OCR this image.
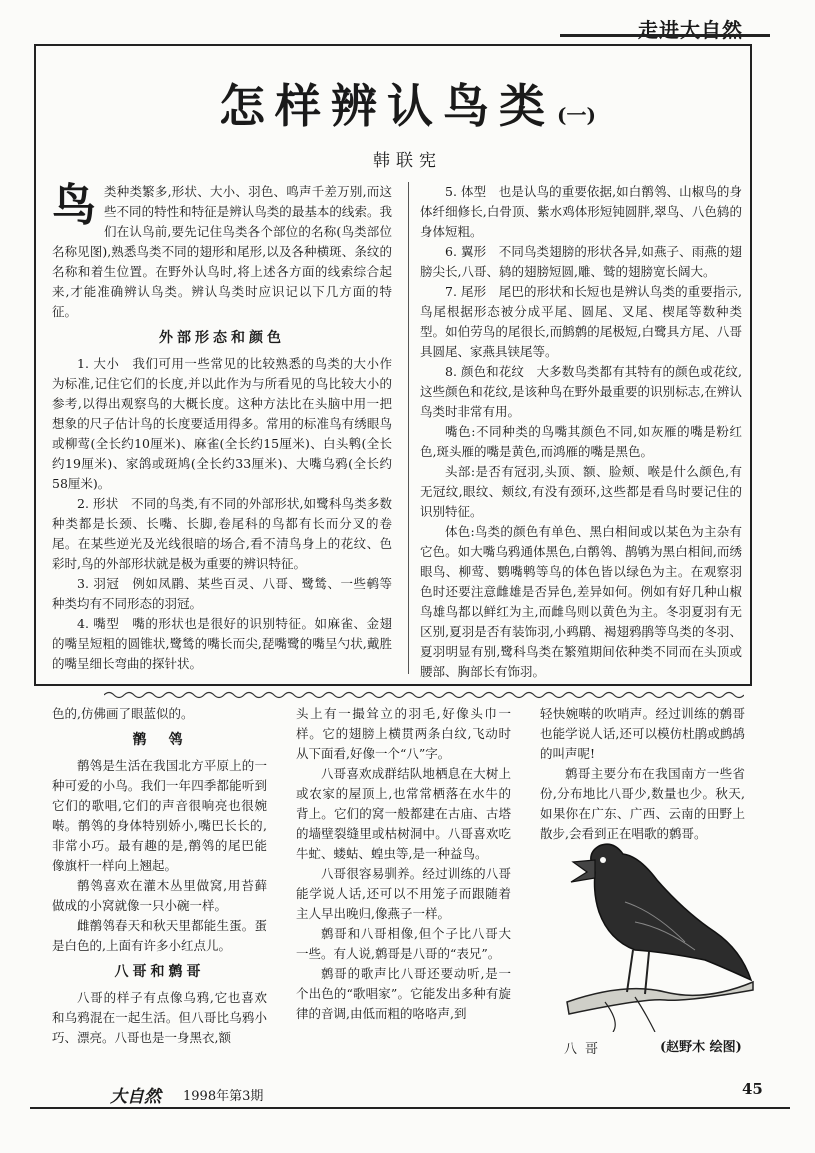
走进大自然
怎样辨认鸟类 (一)
韩联宪
鸟 类种类繁多,形状、大小、羽色、鸣声千差万别,而这些不同的特性和特征是辨认鸟类的最基本的线索。我们在认鸟前,要先记住鸟类各个部位的名称(鸟类部位名称见图),熟悉鸟类不同的翅形和尾形,以及各种横斑、条纹的名称和着生位置。在野外认鸟时,将上述各方面的线索综合起来,才能准确辨认鸟类。辨认鸟类时应识记以下几方面的特征。

外部形态和颜色

1. 大小　我们可用一些常见的比较熟悉的鸟类的大小作为标准,记住它们的长度,并以此作为与所看见的鸟比较大小的参考,以得出观察鸟的大概长度。这种方法比在头脑中用一把想象的尺子估计鸟的长度要适用得多。常用的标准鸟有绣眼鸟或柳莺(全长约10厘米)、麻雀(全长约15厘米)、白头鹎(全长约19厘米)、家鸽或斑鸠(全长约33厘米)、大嘴乌鸦(全长约58厘米)。

2. 形状　不同的鸟类,有不同的外部形状,如鹭科鸟类多数种类都是长颈、长嘴、长脚,卷尾科的鸟都有长而分叉的卷尾。在某些逆光及光线很暗的场合,看不清鸟身上的花纹、色彩时,鸟的外部形状就是极为重要的辨识特征。

3. 羽冠　例如凤鹛、某些百灵、八哥、鹭鸶、一些鹌等种类均有不同形态的羽冠。

4. 嘴型　嘴的形状也是很好的识别特征。如麻雀、金翅的嘴呈短粗的圆锥状,鹭鸶的嘴长而尖,琵嘴鹭的嘴呈勺状,戴胜的嘴呈细长弯曲的探针状。

5. 体型　也是认鸟的重要依据,如白鹡鸰、山椒鸟的身体纤细修长,白骨顶、紫水鸡体形短钝圆胖,翠鸟、八色鸫的身体短粗。

6. 翼形　不同鸟类翅膀的形状各异,如燕子、雨燕的翅膀尖长,八哥、鸫的翅膀短圆,雕、鹫的翅膀宽长阔大。

7. 尾形　尾巴的形状和长短也是辨认鸟类的重要指示,鸟尾根据形态被分成平尾、圆尾、叉尾、楔尾等数种类型。如伯劳鸟的尾很长,而鹪鹩的尾极短,白鹭具方尾、八哥具圆尾、家燕具铗尾等。

8. 颜色和花纹　大多数鸟类都有其特有的颜色或花纹,这些颜色和花纹,是该种鸟在野外最重要的识别标志,在辨认鸟类时非常有用。

嘴色:不同种类的鸟嘴其颜色不同,如灰雁的嘴是粉红色,斑头雁的嘴是黄色,而鸿雁的嘴是黑色。

头部:是否有冠羽,头顶、额、脸颊、喉是什么颜色,有无冠纹,眼纹、颊纹,有没有颈环,这些都是看鸟时要记住的识别特征。

体色:鸟类的颜色有单色、黑白相间或以某色为主杂有它色。如大嘴乌鸦通体黑色,白鹡鸰、鹊鸲为黑白相间,而绣眼鸟、柳莺、鹦嘴鹎等鸟的体色皆以绿色为主。在观察羽色时还要注意雌雄是否异色,差异如何。例如有好几种山椒鸟雄鸟都以鲜红为主,而雌鸟则以黄色为主。冬羽夏羽有无区别,夏羽是否有装饰羽,小鹀鹛、褐翅鸦鹃等鸟类的冬羽、夏羽明显有别,鹭科鸟类在繁殖期间依种类不同而在头顶或腰部、胸部长有饰羽。

色的,仿佛画了眼蓝似的。

鹡　鸰

鹡鸰是生活在我国北方平原上的一种可爱的小鸟。我们一年四季都能听到它们的歌唱,它们的声音很响亮也很婉啭。鹡鸰的身体特别娇小,嘴巴长长的,非常小巧。最有趣的是,鹡鸰的尾巴能像旗杆一样向上翘起。

鹡鸰喜欢在灌木丛里做窝,用苔藓做成的小窝就像一只小碗一样。

雌鹡鸰春天和秋天里都能生蛋。蛋是白色的,上面有许多小红点儿。

八哥和鹩哥

八哥的样子有点像乌鸦,它也喜欢和乌鸦混在一起生活。但八哥比乌鸦小巧、漂亮。八哥也是一身黑衣,额

头上有一撮耸立的羽毛,好像头巾一样。它的翅膀上横贯两条白纹,飞动时从下面看,好像一个“八”字。

八哥喜欢成群结队地栖息在大树上或农家的屋顶上,也常常栖落在水牛的背上。它们的窝一般都建在古庙、古塔的墙壁裂缝里或枯树洞中。八哥喜欢吃牛虻、蝼蛄、蝗虫等,是一种益鸟。

八哥很容易驯养。经过训练的八哥能学说人话,还可以不用笼子而跟随着主人早出晚归,像燕子一样。

鹩哥和八哥相像,但个子比八哥大一些。有人说,鹩哥是八哥的“表兄”。

鹩哥的歌声比八哥还要动听,是一个出色的“歌唱家”。它能发出多种有旋律的音调,由低而粗的咯咯声,到

轻快婉啭的吹哨声。经过训练的鹩哥也能学说人话,还可以模仿杜鹃或鹧鸪的叫声呢!

鹩哥主要分布在我国南方一些省份,分布地比八哥少,数量也少。秋天,如果你在广东、广西、云南的田野上散步,会看到正在唱歌的鹩哥。

八哥	(赵野木 绘图)
大自然 1998年第3期	45
